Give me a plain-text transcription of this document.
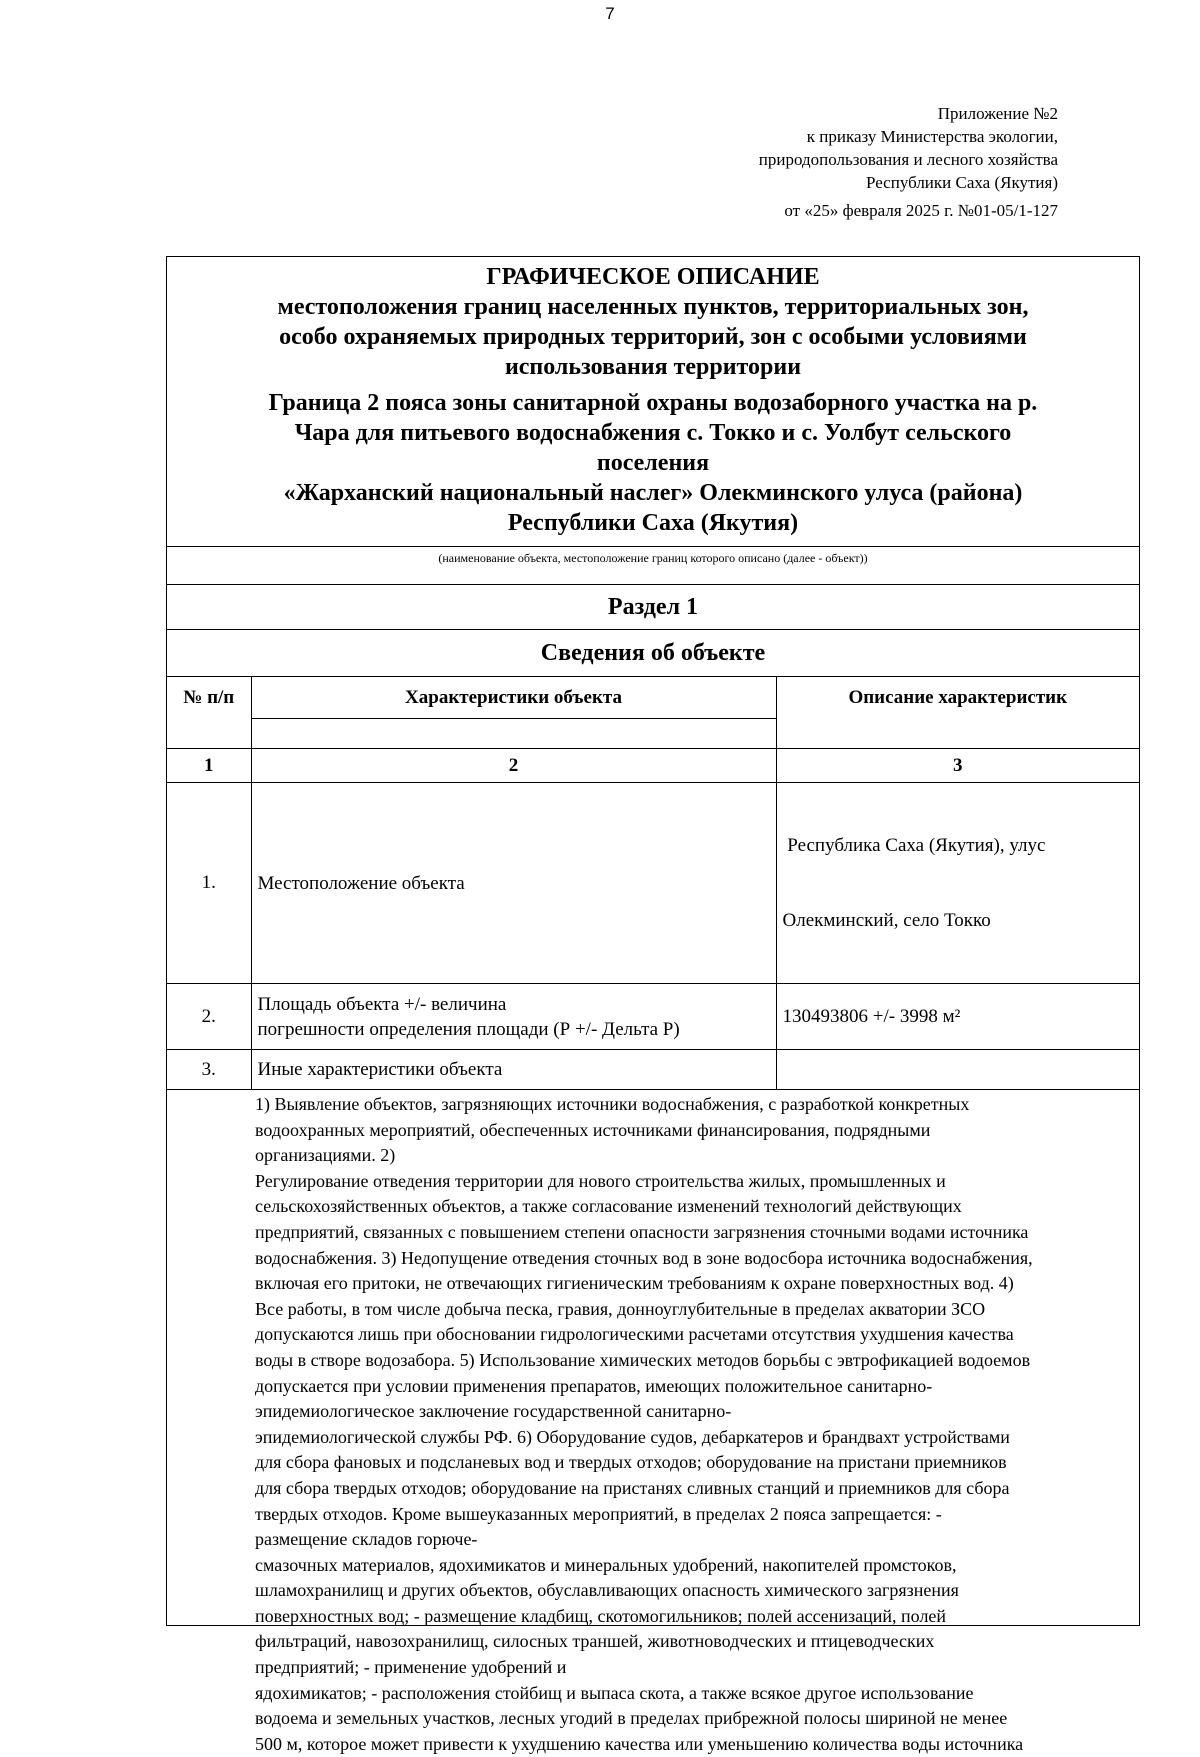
7
Приложение №2
к приказу Министерства экологии,
природопользования и лесного хозяйства
Республики Саха (Якутия)
от «25» февраля 2025 г. №01-05/1-127
ГРАФИЧЕСКОЕ ОПИСАНИЕ
местоположения границ населенных пунктов, территориальных зон,
особо охраняемых природных территорий, зон с особыми условиями
использования территории
Граница 2 пояса зоны санитарной охраны водозаборного участка на р.
Чара для питьевого водоснабжения с. Токко и с. Уолбут сельского
поселения
«Жарханский национальный наслег» Олекминского улуса (района)
Республики Саха (Якутия)
(наименование объекта, местоположение границ которого описано (далее - объект))
Раздел 1
Сведения об объекте
№ п/п	Характеристики объекта	Описание характеристик

1	2	3
1.	Местоположение объекта	Республика Саха (Якутия), улус

Олекминский, село Токко

2.	Площадь объекта +/- величина
погрешности определения площади (Р +/- Дельта Р)	130493806 +/- 3998 м²

3.	Иные характеристики объекта	

1) Выявление объектов, загрязняющих источники водоснабжения, с разработкой конкретных

водоохранных мероприятий, обеспеченных источниками финансирования, подрядными

организациями. 2)

Регулирование отведения территории для нового строительства жилых, промышленных и

сельскохозяйственных объектов, а также согласование изменений технологий действующих

предприятий, связанных с повышением степени опасности загрязнения сточными водами источника

водоснабжения. 3) Недопущение отведения сточных вод в зоне водосбора источника водоснабжения,

включая его притоки, не отвечающих гигиеническим требованиям к охране поверхностных вод. 4)

Все работы, в том числе добыча песка, гравия, донноуглубительные в пределах акватории ЗСО

допускаются лишь при обосновании гидрологическими расчетами отсутствия ухудшения качества

воды в створе водозабора. 5) Использование химических методов борьбы с эвтрофикацией водоемов

допускается при условии применения препаратов, имеющих положительное санитарно-

эпидемиологическое заключение государственной санитарно-

эпидемиологической службы РФ. 6) Оборудование судов, дебаркатеров и брандвахт устройствами

для сбора фановых и подсланевых вод и твердых отходов; оборудование на пристани приемников

для сбора твердых отходов; оборудование на пристанях сливных станций и приемников для сбора

твердых отходов. Кроме вышеуказанных мероприятий, в пределах 2 пояса запрещается: -

размещение складов горюче-

смазочных материалов, ядохимикатов и минеральных удобрений, накопителей промстоков,

шламохранилищ и других объектов, обуславливающих опасность химического загрязнения

поверхностных вод; - размещение кладбищ, скотомогильников; полей ассенизаций, полей

фильтраций, навозохранилищ, силосных траншей, животноводческих и птицеводческих

предприятий; - применение удобрений и

ядохимикатов; - расположения стойбищ и выпаса скота, а также всякое другое использование

водоема и земельных участков, лесных угодий в пределах прибрежной полосы шириной не менее

500 м, которое может привести к ухудшению качества или уменьшению количества воды источника
